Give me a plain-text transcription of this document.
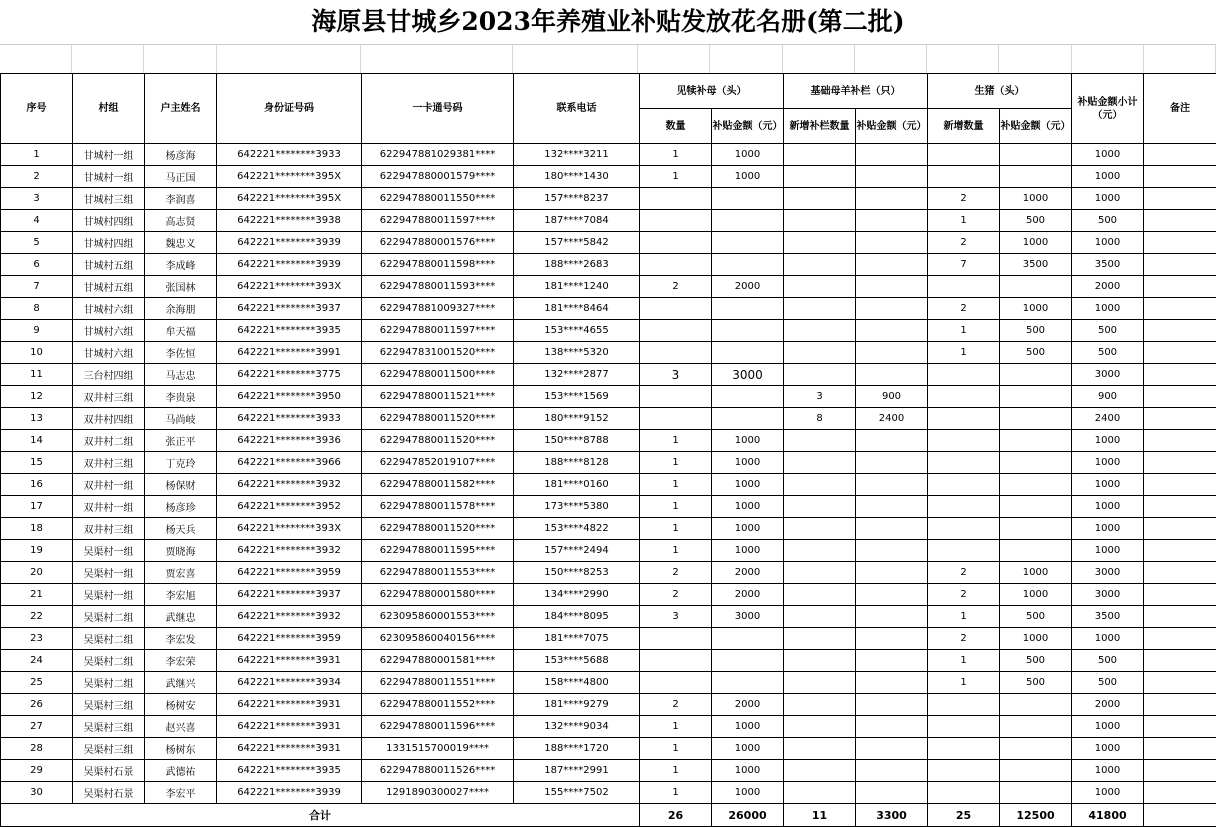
海原县甘城乡2023年养殖业补贴发放花名册(第二批)
序号	村组	户主姓名	身份证号码	一卡通号码	联系电话	见犊补母（头）		基础母羊补栏（只）		生猪（头）		补贴金额小计（元）	备注
						数量	补贴金额（元）	新增补栏数量	补贴金额（元）	新增数量	补贴金额（元）		
1	甘城村一组	杨彦海	642221********3933	622947881029381****	132****3211	1	1000					1000	
2	甘城村一组	马正国	642221********395X	622947880001579****	180****1430	1	1000					1000	
3	甘城村三组	李润喜	642221********395X	622947880011550****	157****8237					2	1000	1000	
4	甘城村四组	高志贤	642221********3938	622947880011597****	187****7084					1	500	500	
5	甘城村四组	魏忠义	642221********3939	622947880001576****	157****5842					2	1000	1000	
6	甘城村五组	李成峰	642221********3939	622947880011598****	188****2683					7	3500	3500	
7	甘城村五组	张国林	642221********393X	622947880011593****	181****1240	2	2000					2000	
8	甘城村六组	余海朋	642221********3937	622947881009327****	181****8464					2	1000	1000	
9	甘城村六组	牟天福	642221********3935	622947880011597****	153****4655					1	500	500	
10	甘城村六组	李佐恒	642221********3991	622947831001520****	138****5320					1	500	500	
11	三台村四组	马志忠	642221********3775	622947880011500****	132****2877	3	3000					3000	
12	双井村三组	李贵泉	642221********3950	622947880011521****	153****1569			3	900			900	
13	双井村四组	马尚岐	642221********3933	622947880011520****	180****9152			8	2400			2400	
14	双井村二组	张正平	642221********3936	622947880011520****	150****8788	1	1000					1000	
15	双井村三组	丁克玲	642221********3966	622947852019107****	188****8128	1	1000					1000	
16	双井村一组	杨保财	642221********3932	622947880011582****	181****0160	1	1000					1000	
17	双井村一组	杨彦珍	642221********3952	622947880011578****	173****5380	1	1000					1000	
18	双井村三组	杨天兵	642221********393X	622947880011520****	153****4822	1	1000					1000	
19	吴渠村一组	贾晓海	642221********3932	622947880011595****	157****2494	1	1000					1000	
20	吴渠村一组	贾宏喜	642221********3959	622947880011553****	150****8253	2	2000			2	1000	3000	
21	吴渠村一组	李宏旭	642221********3937	622947880001580****	134****2990	2	2000			2	1000	3000	
22	吴渠村二组	武继忠	642221********3932	623095860001553****	184****8095	3	3000			1	500	3500	
23	吴渠村二组	李宏发	642221********3959	623095860040156****	181****7075					2	1000	1000	
24	吴渠村二组	李宏荣	642221********3931	622947880001581****	153****5688					1	500	500	
25	吴渠村二组	武继兴	642221********3934	622947880011551****	158****4800					1	500	500	
26	吴渠村三组	杨树安	642221********3931	622947880011552****	181****9279	2	2000					2000	
27	吴渠村三组	赵兴喜	642221********3931	622947880011596****	132****9034	1	1000					1000	
28	吴渠村三组	杨树东	642221********3931	1331515700019****	188****1720	1	1000					1000	
29	吴渠村石景	武德祐	642221********3935	622947880011526****	187****2991	1	1000					1000	
30	吴渠村石景	李宏平	642221********3939	1291890300027****	155****7502	1	1000					1000	
合计						26	26000	11	3300	25	12500	41800	
